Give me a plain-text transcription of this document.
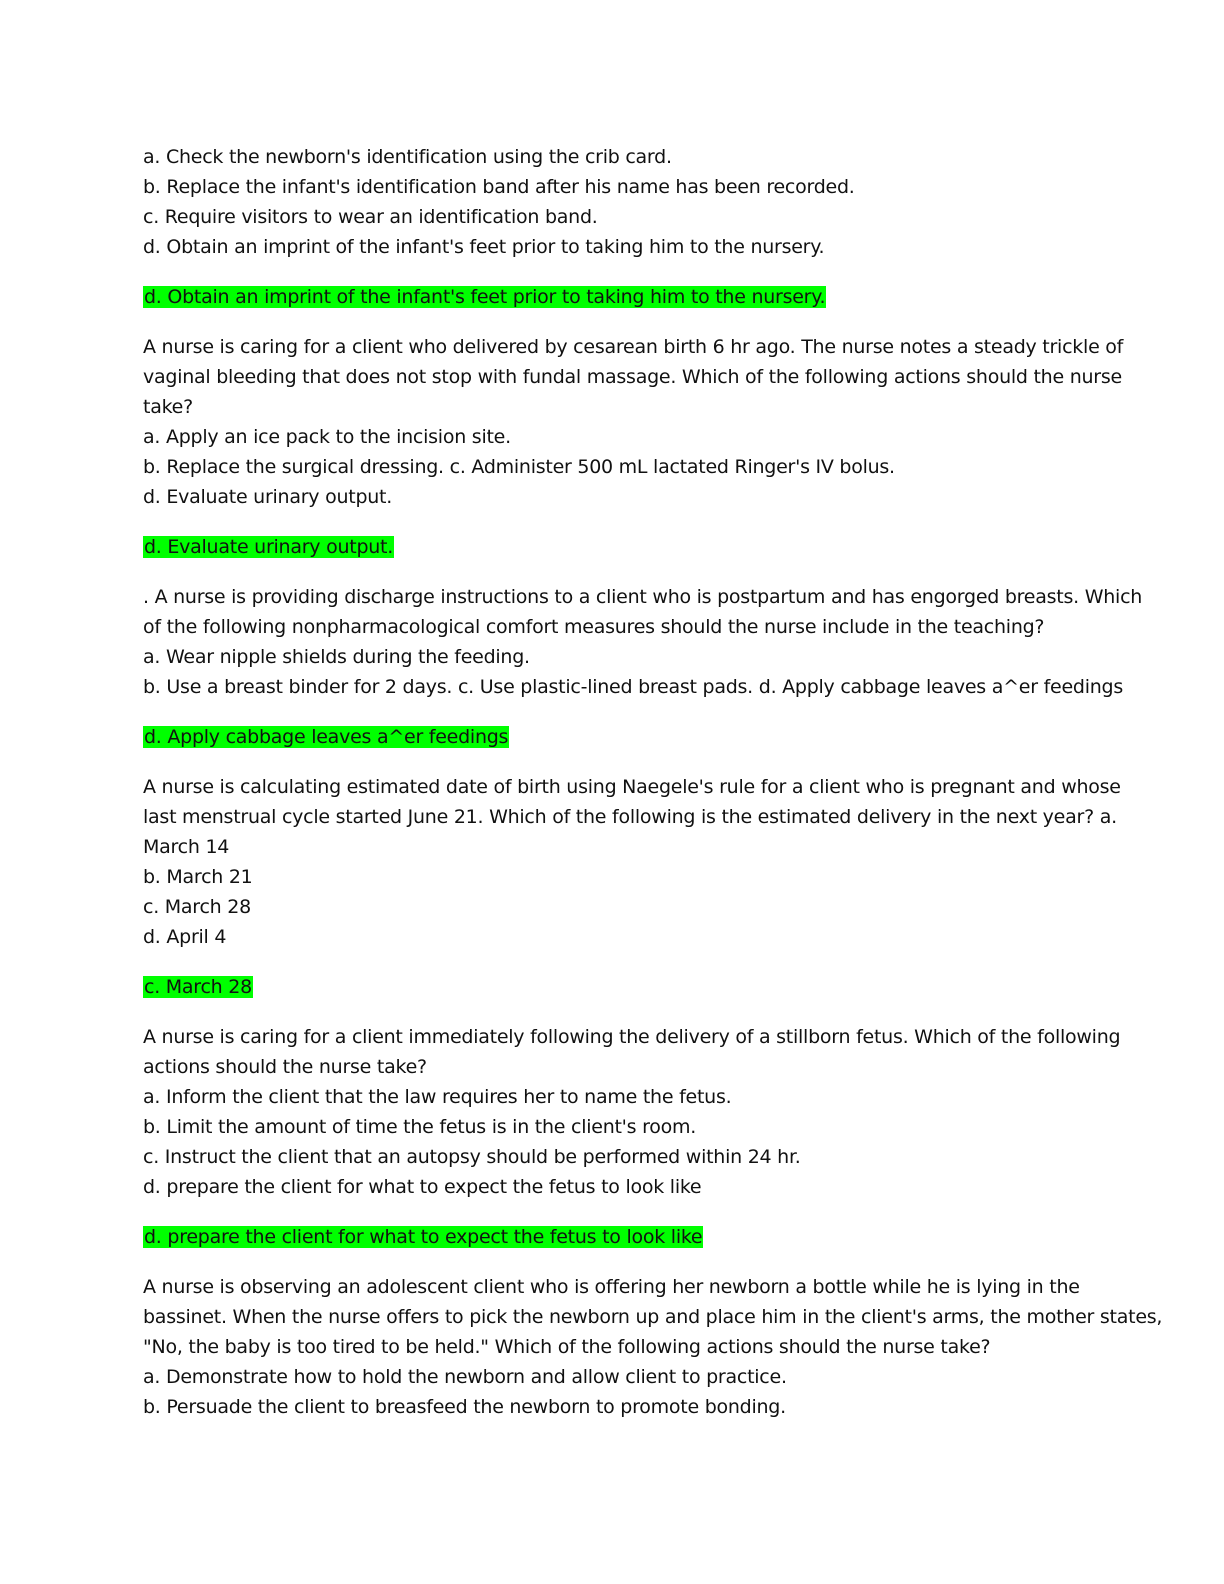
a. Check the newborn's identification using the crib card.
b. Replace the infant's identification band after his name has been recorded.
c. Require visitors to wear an identification band.
d. Obtain an imprint of the infant's feet prior to taking him to the nursery.
d. Obtain an imprint of the infant's feet prior to taking him to the nursery.
A nurse is caring for a client who delivered by cesarean birth 6 hr ago. The nurse notes a steady trickle of
vaginal bleeding that does not stop with fundal massage. Which of the following actions should the nurse
take?
a. Apply an ice pack to the incision site.
b. Replace the surgical dressing. c. Administer 500 mL lactated Ringer's IV bolus.
d. Evaluate urinary output.
d. Evaluate urinary output.
. A nurse is providing discharge instructions to a client who is postpartum and has engorged breasts. Which
of the following nonpharmacological comfort measures should the nurse include in the teaching?
a. Wear nipple shields during the feeding.
b. Use a breast binder for 2 days. c. Use plastic-lined breast pads. d. Apply cabbage leaves a^er feedings
d. Apply cabbage leaves a^er feedings
A nurse is calculating estimated date of birth using Naegele's rule for a client who is pregnant and whose
last menstrual cycle started June 21. Which of the following is the estimated delivery in the next year? a.
March 14
b. March 21
c. March 28
d. April 4
c. March 28
A nurse is caring for a client immediately following the delivery of a stillborn fetus. Which of the following
actions should the nurse take?
a. Inform the client that the law requires her to name the fetus.
b. Limit the amount of time the fetus is in the client's room.
c. Instruct the client that an autopsy should be performed within 24 hr.
d. prepare the client for what to expect the fetus to look like
d. prepare the client for what to expect the fetus to look like
A nurse is observing an adolescent client who is offering her newborn a bottle while he is lying in the
bassinet. When the nurse offers to pick the newborn up and place him in the client's arms, the mother states,
"No, the baby is too tired to be held." Which of the following actions should the nurse take?
a. Demonstrate how to hold the newborn and allow client to practice.
b. Persuade the client to breasfeed the newborn to promote bonding.
